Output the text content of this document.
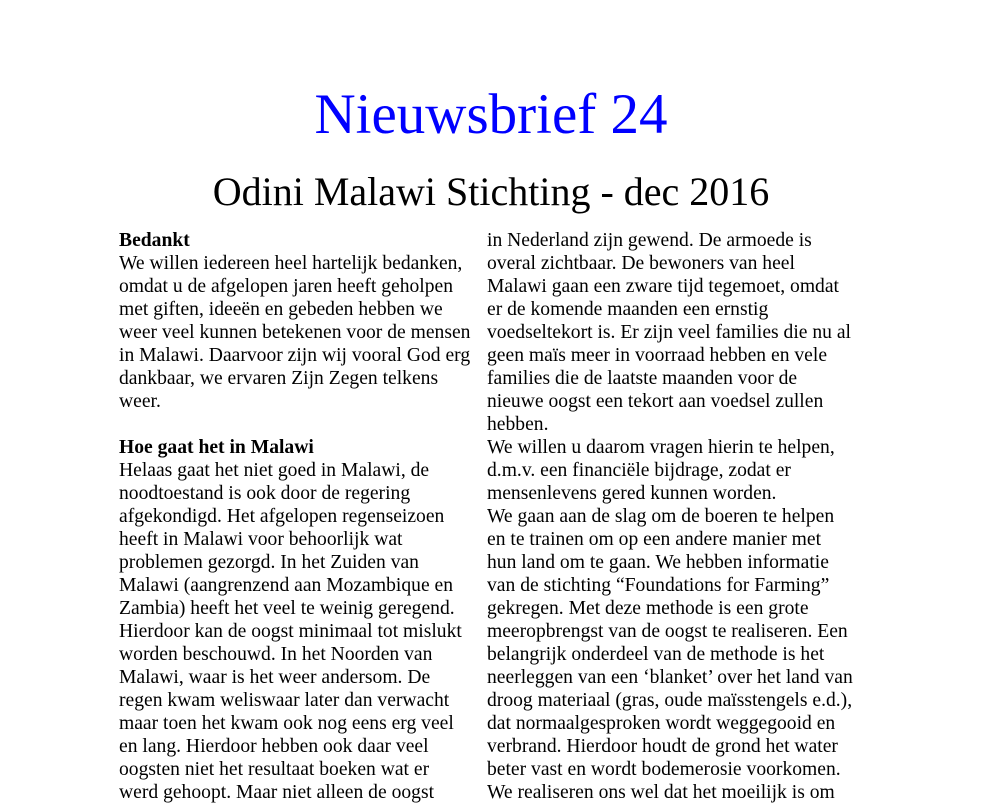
Nieuwsbrief 24
Odini Malawi Stichting - dec 2016
Bedankt
We willen iedereen heel hartelijk bedanken,
omdat u de afgelopen jaren heeft geholpen
met giften, ideeën en gebeden hebben we
weer veel kunnen betekenen voor de mensen
in Malawi. Daarvoor zijn wij vooral God erg
dankbaar, we ervaren Zijn Zegen telkens
weer.
Hoe gaat het in Malawi
Helaas gaat het niet goed in Malawi, de
noodtoestand is ook door de regering
afgekondigd. Het afgelopen regenseizoen
heeft in Malawi voor behoorlijk wat
problemen gezorgd. In het Zuiden van
Malawi (aangrenzend aan Mozambique en
Zambia) heeft het veel te weinig geregend.
Hierdoor kan de oogst minimaal tot mislukt
worden beschouwd. In het Noorden van
Malawi, waar is het weer andersom. De
regen kwam weliswaar later dan verwacht
maar toen het kwam ook nog eens erg veel
en lang. Hierdoor hebben ook daar veel
oogsten niet het resultaat boeken wat er
werd gehoopt. Maar niet alleen de oogst
in Nederland zijn gewend. De armoede is
overal zichtbaar. De bewoners van heel
Malawi gaan een zware tijd tegemoet, omdat
er de komende maanden een ernstig
voedseltekort is. Er zijn veel families die nu al
geen maïs meer in voorraad hebben en vele
families die de laatste maanden voor de
nieuwe oogst een tekort aan voedsel zullen
hebben.
We willen u daarom vragen hierin te helpen,
d.m.v. een financiële bijdrage, zodat er
mensenlevens gered kunnen worden.
We gaan aan de slag om de boeren te helpen
en te trainen om op een andere manier met
hun land om te gaan. We hebben informatie
van de stichting “Foundations for Farming”
gekregen. Met deze methode is een grote
meeropbrengst van de oogst te realiseren. Een
belangrijk onderdeel van de methode is het
neerleggen van een ‘blanket’ over het land van
droog materiaal (gras, oude maïsstengels e.d.),
dat normaalgesproken wordt weggegooid en
verbrand. Hierdoor houdt de grond het water
beter vast en wordt bodemerosie voorkomen.
We realiseren ons wel dat het moeilijk is om
